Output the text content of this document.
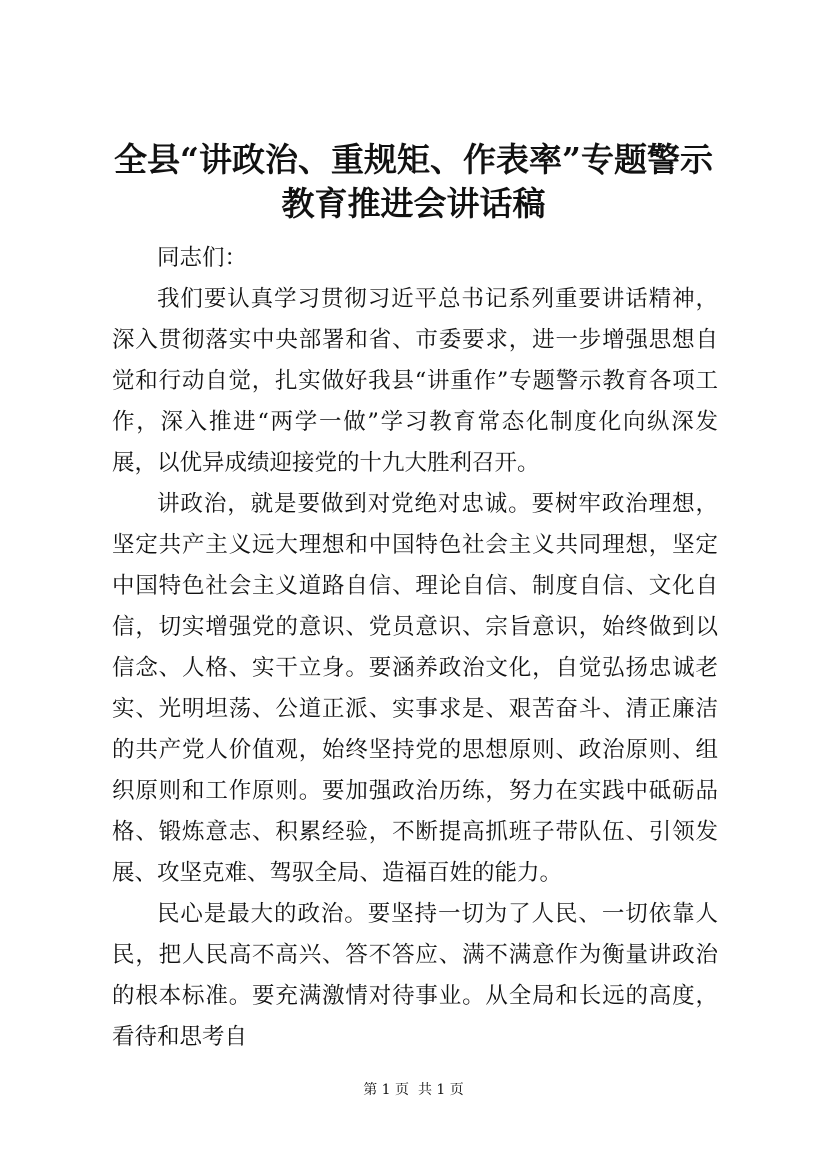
全县“讲政治、重规矩、作表率”专题警示教育推进会讲话稿

同志们：

我们要认真学习贯彻习近平总书记系列重要讲话精神，深入贯彻落实中央部署和省、市委要求，进一步增强思想自觉和行动自觉，扎实做好我县“讲重作”专题警示教育各项工作，深入推进“两学一做”学习教育常态化制度化向纵深发展，以优异成绩迎接党的十九大胜利召开。

讲政治，就是要做到对党绝对忠诚。要树牢政治理想，坚定共产主义远大理想和中国特色社会主义共同理想，坚定中国特色社会主义道路自信、理论自信、制度自信、文化自信，切实增强党的意识、党员意识、宗旨意识，始终做到以信念、人格、实干立身。要涵养政治文化，自觉弘扬忠诚老实、光明坦荡、公道正派、实事求是、艰苦奋斗、清正廉洁的共产党人价值观，始终坚持党的思想原则、政治原则、组织原则和工作原则。要加强政治历练，努力在实践中砥砺品格、锻炼意志、积累经验，不断提高抓班子带队伍、引领发展、攻坚克难、驾驭全局、造福百姓的能力。

民心是最大的政治。要坚持一切为了人民、一切依靠人民，把人民高不高兴、答不答应、满不满意作为衡量讲政治的根本标准。要充满激情对待事业。从全局和长远的高度，看待和思考自

第 1 页  共 1 页
